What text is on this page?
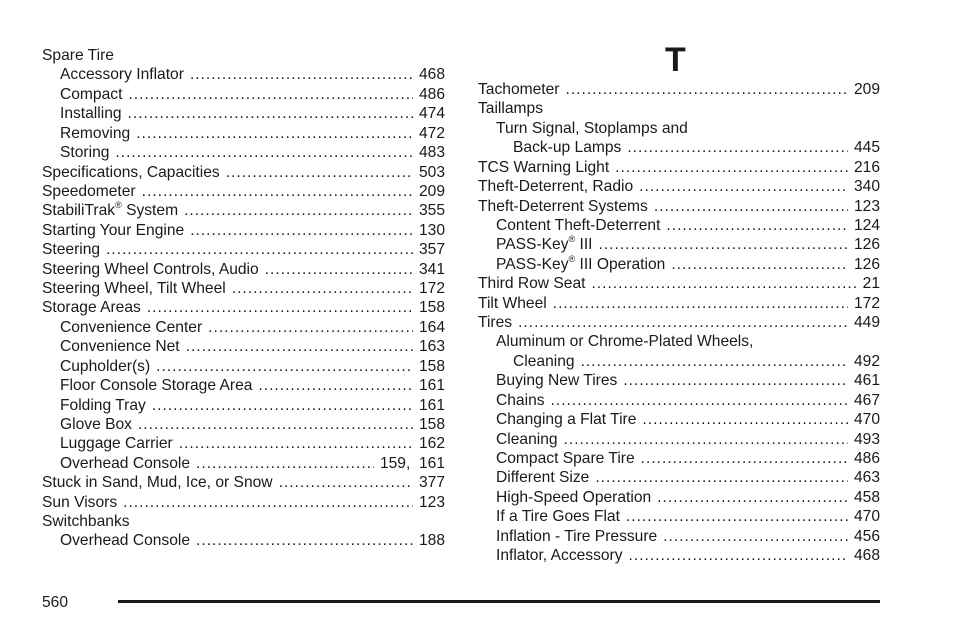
T
Spare Tire
Accessory Inflator .....	468
Compact .....	486
Installing .....	474
Removing .....	472
Storing .....	483
Specifications, Capacities .....	503
Speedometer .....	209
StabiliTrak® System .....	355
Starting Your Engine .....	130
Steering .....	357
Steering Wheel Controls, Audio .....	341
Steering Wheel, Tilt Wheel .....	172
Storage Areas .....	158
Convenience Center .....	164
Convenience Net .....	163
Cupholder(s) .....	158
Floor Console Storage Area .....	161
Folding Tray .....	161
Glove Box .....	158
Luggage Carrier .....	162
Overhead Console .....	159,  161
Stuck in Sand, Mud, Ice, or Snow .....	377
Sun Visors .....	123
Switchbanks
Overhead Console .....	188
Tachometer .....	209
Taillamps
Turn Signal, Stoplamps and
Back-up Lamps .....	445
TCS Warning Light .....	216
Theft-Deterrent, Radio .....	340
Theft-Deterrent Systems .....	123
Content Theft-Deterrent .....	124
PASS-Key® III .....	126
PASS-Key® III Operation .....	126
Third Row Seat .....	21
Tilt Wheel .....	172
Tires .....	449
Aluminum or Chrome-Plated Wheels,
Cleaning .....	492
Buying New Tires .....	461
Chains .....	467
Changing a Flat Tire .....	470
Cleaning .....	493
Compact Spare Tire .....	486
Different Size .....	463
High-Speed Operation .....	458
If a Tire Goes Flat .....	470
Inflation - Tire Pressure .....	456
Inflator, Accessory .....	468
560
